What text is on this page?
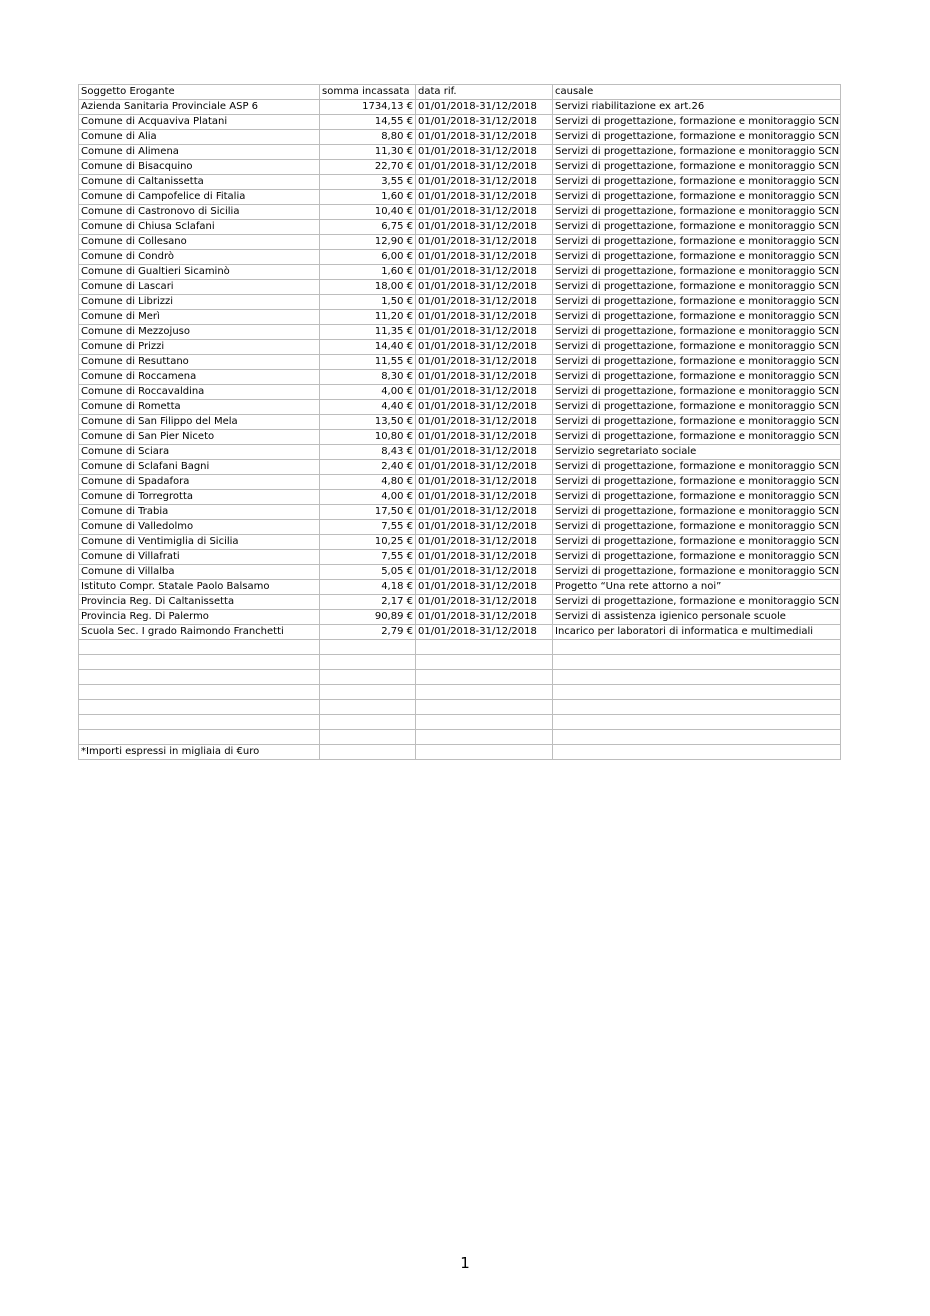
Soggetto Erogante	somma incassata	data rif.	causale
Azienda Sanitaria Provinciale ASP 6	1734,13 €	01/01/2018-31/12/2018	Servizi riabilitazione ex art.26
Comune di Acquaviva Platani	14,55 €	01/01/2018-31/12/2018	Servizi di progettazione, formazione e monitoraggio SCN
Comune di Alia	8,80 €	01/01/2018-31/12/2018	Servizi di progettazione, formazione e monitoraggio SCN
Comune di Alimena	11,30 €	01/01/2018-31/12/2018	Servizi di progettazione, formazione e monitoraggio SCN
Comune di Bisacquino	22,70 €	01/01/2018-31/12/2018	Servizi di progettazione, formazione e monitoraggio SCN
Comune di Caltanissetta	3,55 €	01/01/2018-31/12/2018	Servizi di progettazione, formazione e monitoraggio SCN
Comune di Campofelice di Fitalia	1,60 €	01/01/2018-31/12/2018	Servizi di progettazione, formazione e monitoraggio SCN
Comune di Castronovo di Sicilia	10,40 €	01/01/2018-31/12/2018	Servizi di progettazione, formazione e monitoraggio SCN
Comune di Chiusa Sclafani	6,75 €	01/01/2018-31/12/2018	Servizi di progettazione, formazione e monitoraggio SCN
Comune di Collesano	12,90 €	01/01/2018-31/12/2018	Servizi di progettazione, formazione e monitoraggio SCN
Comune di Condrò	6,00 €	01/01/2018-31/12/2018	Servizi di progettazione, formazione e monitoraggio SCN
Comune di Gualtieri Sicaminò	1,60 €	01/01/2018-31/12/2018	Servizi di progettazione, formazione e monitoraggio SCN
Comune di Lascari	18,00 €	01/01/2018-31/12/2018	Servizi di progettazione, formazione e monitoraggio SCN
Comune di Librizzi	1,50 €	01/01/2018-31/12/2018	Servizi di progettazione, formazione e monitoraggio SCN
Comune di Merì	11,20 €	01/01/2018-31/12/2018	Servizi di progettazione, formazione e monitoraggio SCN
Comune di Mezzojuso	11,35 €	01/01/2018-31/12/2018	Servizi di progettazione, formazione e monitoraggio SCN
Comune di Prizzi	14,40 €	01/01/2018-31/12/2018	Servizi di progettazione, formazione e monitoraggio SCN
Comune di Resuttano	11,55 €	01/01/2018-31/12/2018	Servizi di progettazione, formazione e monitoraggio SCN
Comune di Roccamena	8,30 €	01/01/2018-31/12/2018	Servizi di progettazione, formazione e monitoraggio SCN
Comune di Roccavaldina	4,00 €	01/01/2018-31/12/2018	Servizi di progettazione, formazione e monitoraggio SCN
Comune di Rometta	4,40 €	01/01/2018-31/12/2018	Servizi di progettazione, formazione e monitoraggio SCN
Comune di San Filippo del Mela	13,50 €	01/01/2018-31/12/2018	Servizi di progettazione, formazione e monitoraggio SCN
Comune di San Pier Niceto	10,80 €	01/01/2018-31/12/2018	Servizi di progettazione, formazione e monitoraggio SCN
Comune di Sciara	8,43 €	01/01/2018-31/12/2018	Servizio segretariato sociale
Comune di Sclafani Bagni	2,40 €	01/01/2018-31/12/2018	Servizi di progettazione, formazione e monitoraggio SCN
Comune di Spadafora	4,80 €	01/01/2018-31/12/2018	Servizi di progettazione, formazione e monitoraggio SCN
Comune di Torregrotta	4,00 €	01/01/2018-31/12/2018	Servizi di progettazione, formazione e monitoraggio SCN
Comune di Trabia	17,50 €	01/01/2018-31/12/2018	Servizi di progettazione, formazione e monitoraggio SCN
Comune di Valledolmo	7,55 €	01/01/2018-31/12/2018	Servizi di progettazione, formazione e monitoraggio SCN
Comune di Ventimiglia di Sicilia	10,25 €	01/01/2018-31/12/2018	Servizi di progettazione, formazione e monitoraggio SCN
Comune di Villafrati	7,55 €	01/01/2018-31/12/2018	Servizi di progettazione, formazione e monitoraggio SCN
Comune di Villalba	5,05 €	01/01/2018-31/12/2018	Servizi di progettazione, formazione e monitoraggio SCN
Istituto Compr. Statale Paolo Balsamo	4,18 €	01/01/2018-31/12/2018	Progetto “Una rete attorno a noi”
Provincia Reg. Di Caltanissetta	2,17 €	01/01/2018-31/12/2018	Servizi di progettazione, formazione e monitoraggio SCN
Provincia Reg. Di Palermo	90,89 €	01/01/2018-31/12/2018	Servizi di assistenza igienico personale scuole
Scuola Sec. I grado Raimondo Franchetti	2,79 €	01/01/2018-31/12/2018	Incarico per laboratori di informatica e multimediali

*Importi espressi in migliaia di €uro			
1
